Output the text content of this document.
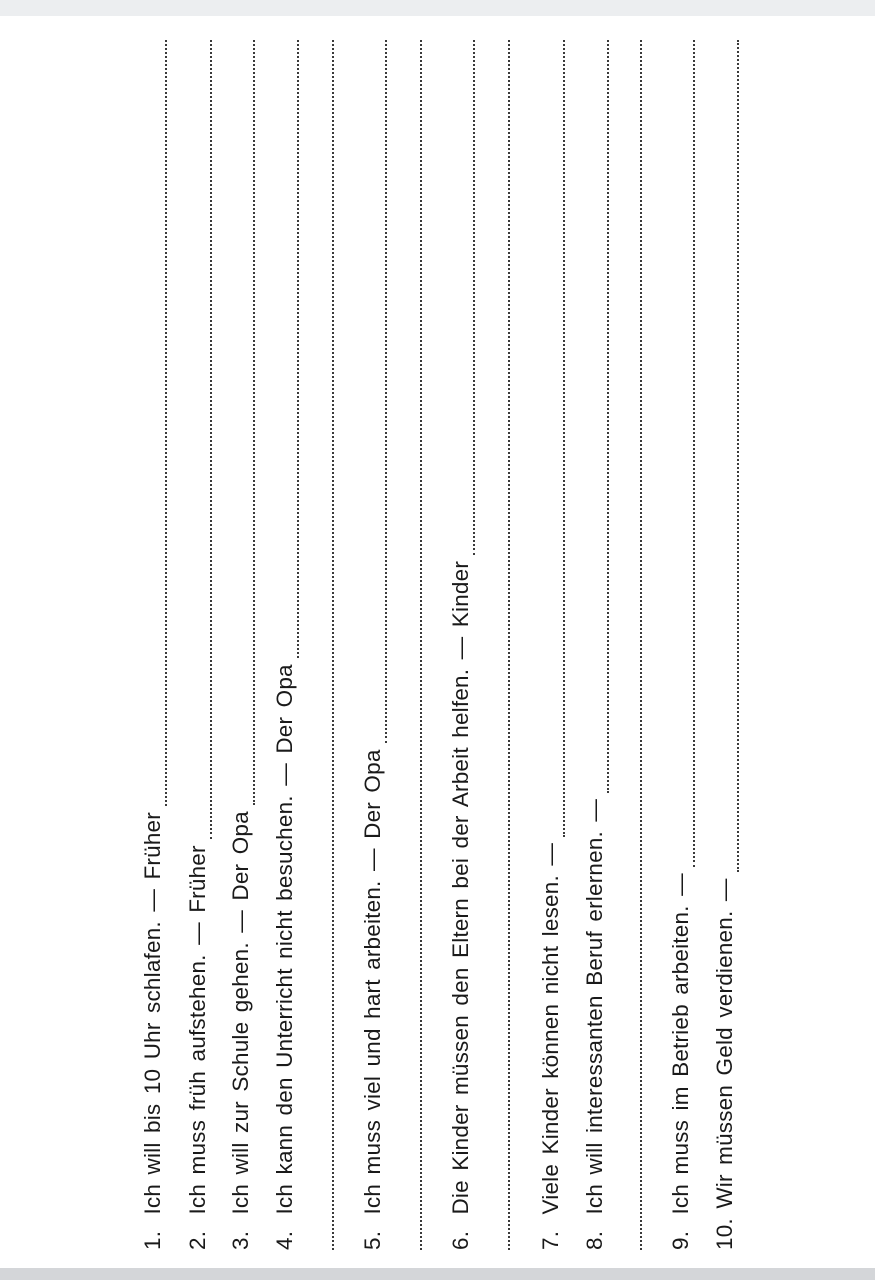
1. Ich will bis 10 Uhr schlafen. — Früher
2. Ich muss früh aufstehen. — Früher
3. Ich will zur Schule gehen. — Der Opa
4. Ich kann den Unterricht nicht besuchen. — Der Opa
5. Ich muss viel und hart arbeiten. — Der Opa
6. Die Kinder müssen den Eltern bei der Arbeit helfen. — Kinder
7. Viele Kinder können nicht lesen. —
8. Ich will interessanten Beruf erlernen. —
9. Ich muss im Betrieb arbeiten. —
10. Wir müssen Geld verdienen. —
